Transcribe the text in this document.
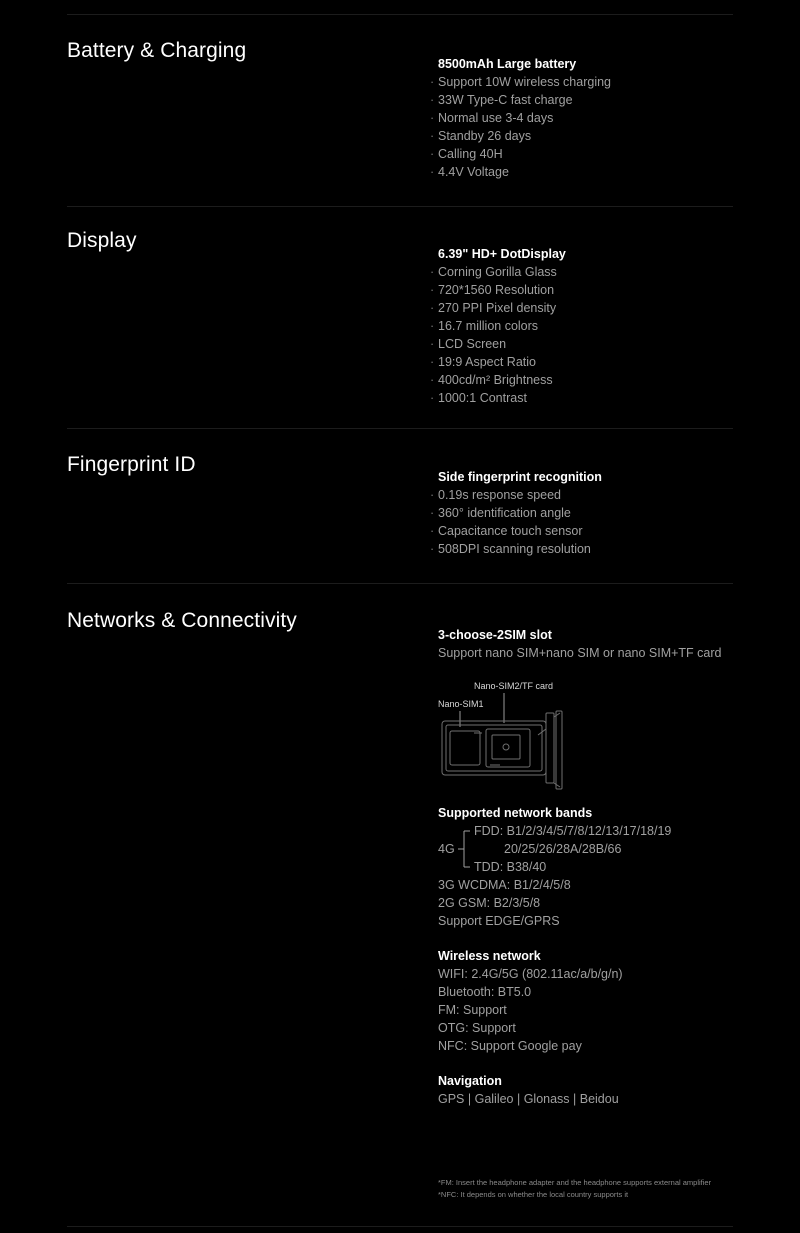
Battery & Charging
8500mAh Large battery
· Support 10W wireless charging
· 33W Type-C fast charge
· Normal use 3-4 days
· Standby 26 days
· Calling 40H
· 4.4V Voltage
Display
6.39" HD+ DotDisplay
· Corning Gorilla Glass
· 720*1560 Resolution
· 270 PPI Pixel density
· 16.7 million colors
· LCD Screen
· 19:9 Aspect Ratio
· 400cd/m² Brightness
· 1000:1 Contrast
Fingerprint ID
Side fingerprint recognition
· 0.19s response speed
· 360° identification angle
· Capacitance touch sensor
· 508DPI scanning resolution
Networks & Connectivity
3-choose-2SIM slot
Support nano SIM+nano SIM or nano SIM+TF card
Nano-SIM2/TF card
Nano-SIM1
Supported network bands
4G
FDD: B1/2/3/4/5/7/8/12/13/17/18/19
20/25/26/28A/28B/66
TDD: B38/40
3G WCDMA: B1/2/4/5/8
2G GSM: B2/3/5/8
Support EDGE/GPRS
Wireless network
WIFI: 2.4G/5G (802.11ac/a/b/g/n)
Bluetooth: BT5.0
FM: Support
OTG: Support
NFC: Support Google pay
Navigation
GPS | Galileo | Glonass | Beidou
*FM: Insert the headphone adapter and the headphone supports external amplifier
*NFC: It depends on whether the local country supports it
